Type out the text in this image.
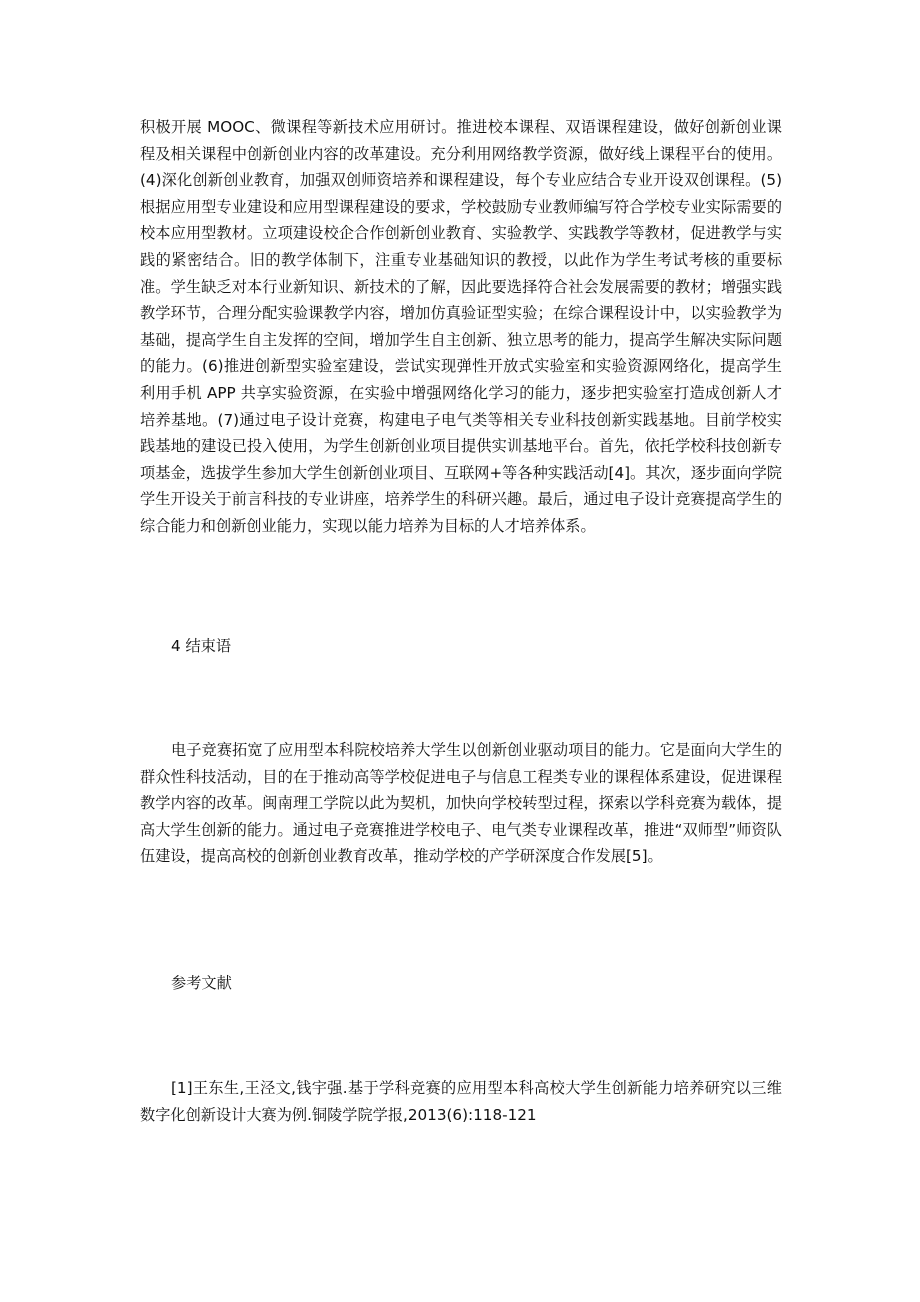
积极开展 MOOC、微课程等新技术应用研讨。推进校本课程、双语课程建设，做好创新创业课程及相关课程中创新创业内容的改革建设。充分利用网络教学资源，做好线上课程平台的使用。(4)深化创新创业教育，加强双创师资培养和课程建设，每个专业应结合专业开设双创课程。(5)根据应用型专业建设和应用型课程建设的要求，学校鼓励专业教师编写符合学校专业实际需要的校本应用型教材。立项建设校企合作创新创业教育、实验教学、实践教学等教材，促进教学与实践的紧密结合。旧的教学体制下，注重专业基础知识的教授，以此作为学生考试考核的重要标准。学生缺乏对本行业新知识、新技术的了解，因此要选择符合社会发展需要的教材；增强实践教学环节，合理分配实验课教学内容，增加仿真验证型实验；在综合课程设计中，以实验教学为基础，提高学生自主发挥的空间，增加学生自主创新、独立思考的能力，提高学生解决实际问题的能力。(6)推进创新型实验室建设，尝试实现弹性开放式实验室和实验资源网络化，提高学生利用手机 APP 共享实验资源，在实验中增强网络化学习的能力，逐步把实验室打造成创新人才培养基地。(7)通过电子设计竞赛，构建电子电气类等相关专业科技创新实践基地。目前学校实践基地的建设已投入使用，为学生创新创业项目提供实训基地平台。首先，依托学校科技创新专项基金，选拔学生参加大学生创新创业项目、互联网+等各种实践活动[4]。其次，逐步面向学院学生开设关于前言科技的专业讲座，培养学生的科研兴趣。最后，通过电子设计竞赛提高学生的综合能力和创新创业能力，实现以能力培养为目标的人才培养体系。

4 结束语

电子竞赛拓宽了应用型本科院校培养大学生以创新创业驱动项目的能力。它是面向大学生的群众性科技活动，目的在于推动高等学校促进电子与信息工程类专业的课程体系建设，促进课程教学内容的改革。闽南理工学院以此为契机，加快向学校转型过程，探索以学科竞赛为载体，提高大学生创新的能力。通过电子竞赛推进学校电子、电气类专业课程改革，推进“双师型”师资队伍建设，提高高校的创新创业教育改革，推动学校的产学研深度合作发展[5]。

参考文献

[1]王东生,王泾文,钱宇强.基于学科竞赛的应用型本科高校大学生创新能力培养研究以三维数字化创新设计大赛为例.铜陵学院学报,2013(6):118-121
